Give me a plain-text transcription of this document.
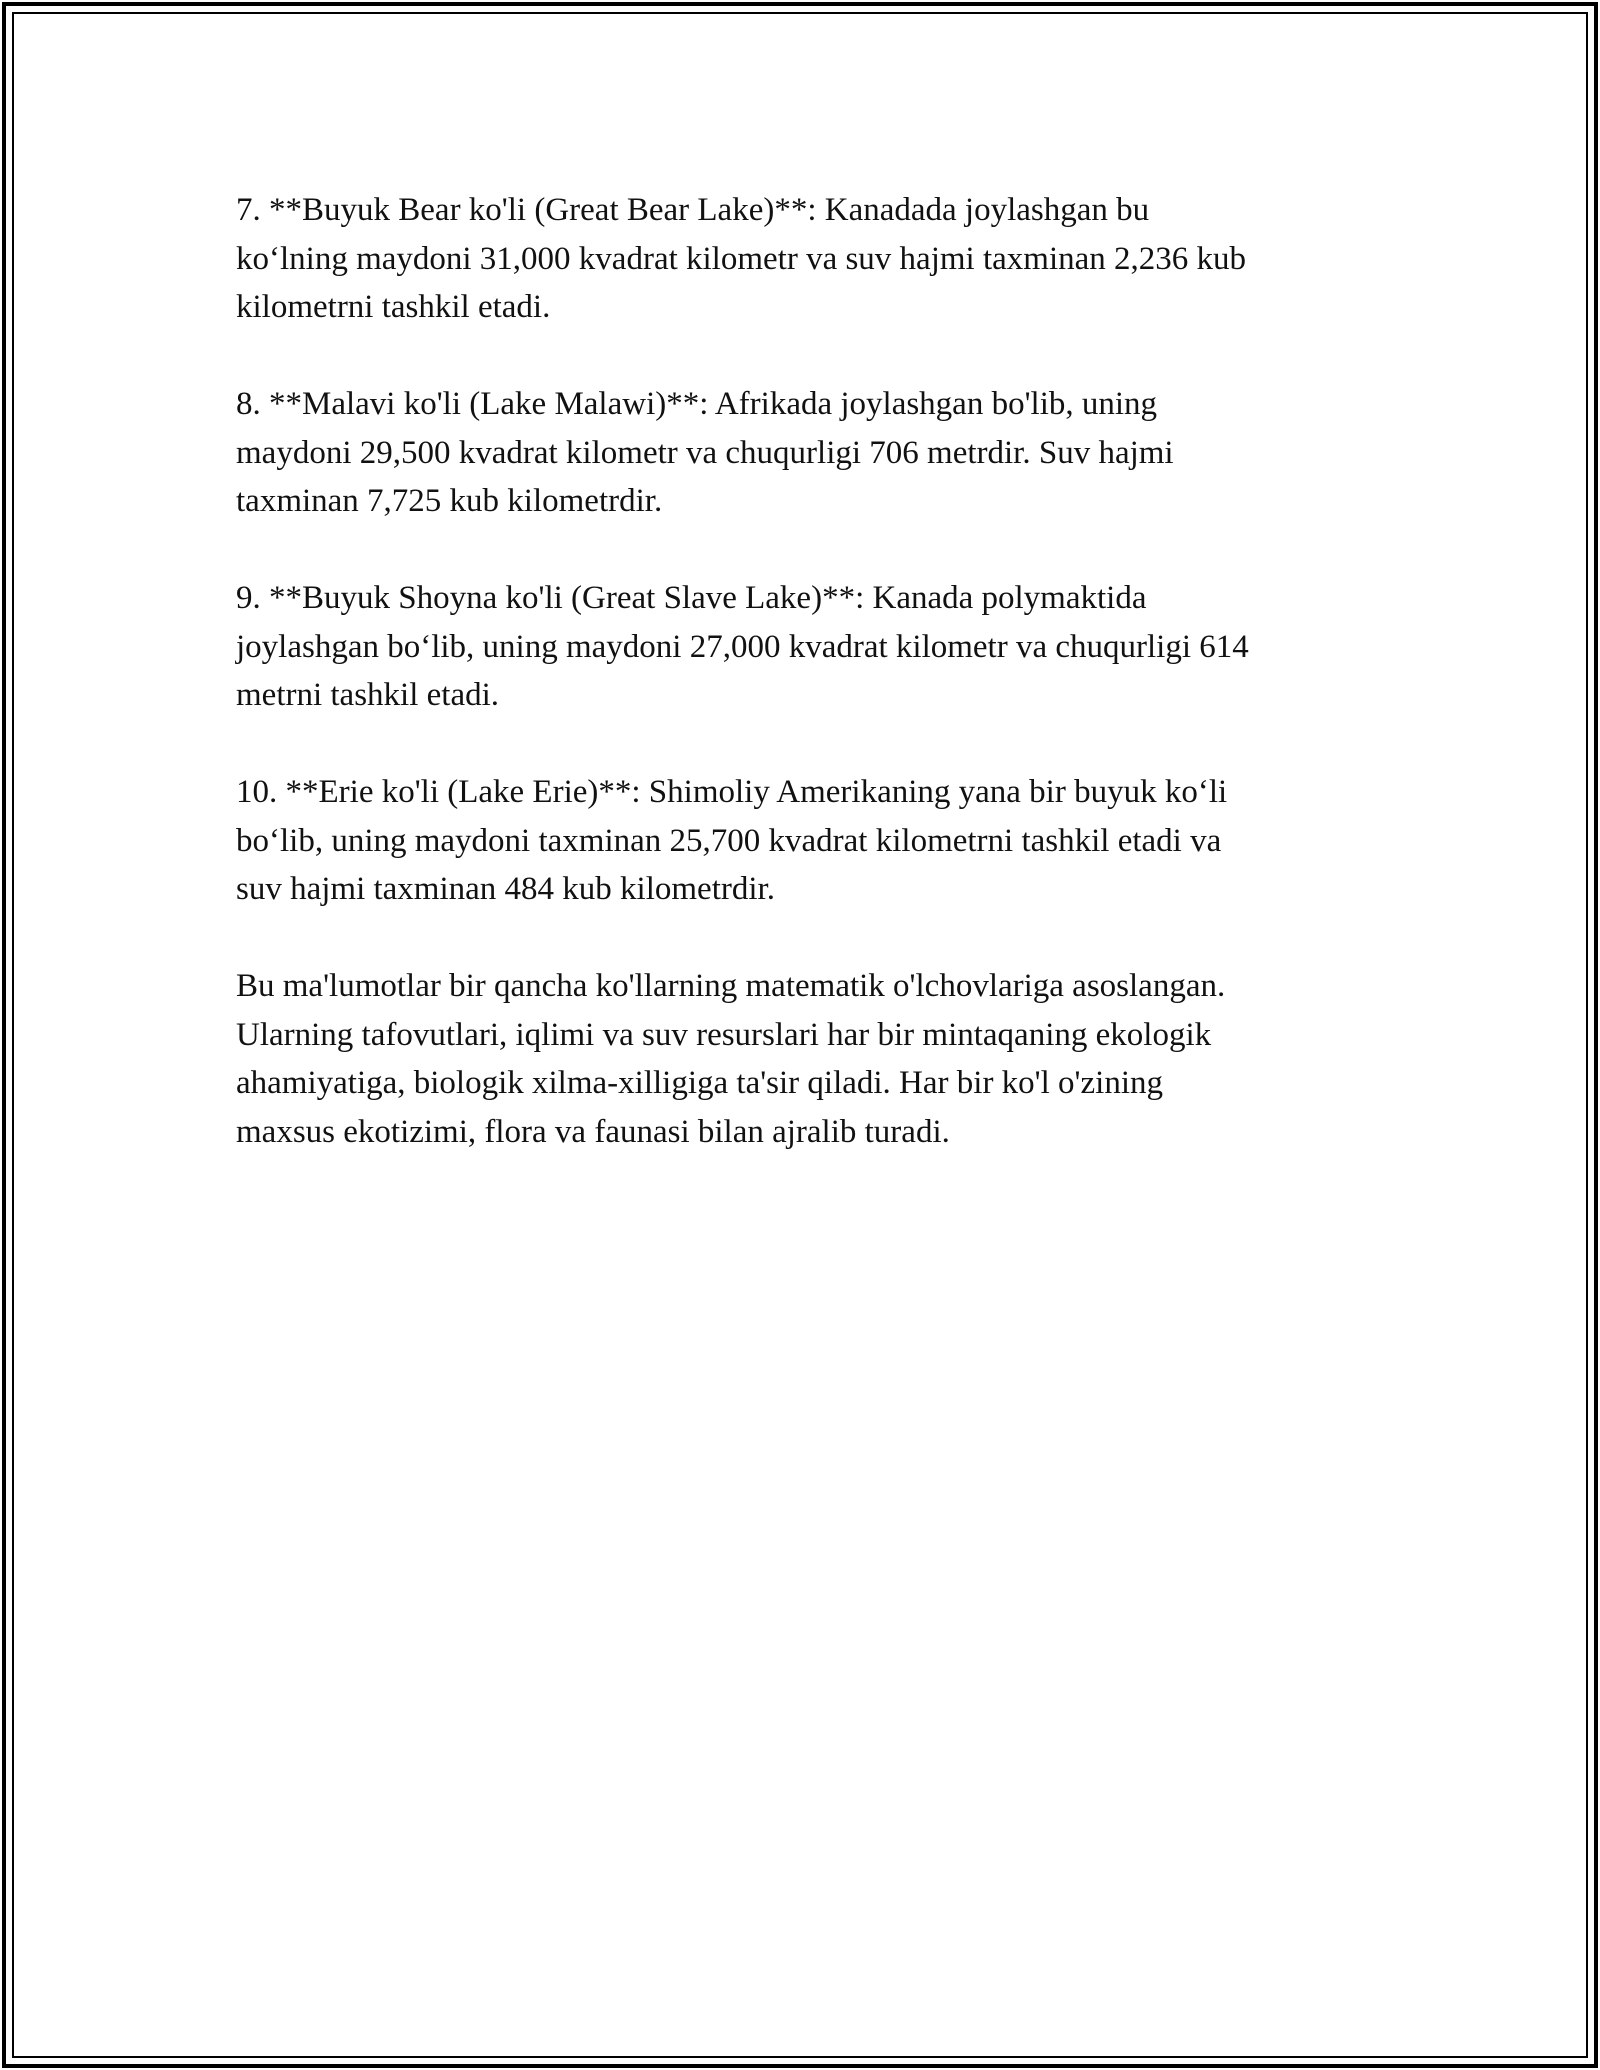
7. **Buyuk Bear ko'li (Great Bear Lake)**: Kanadada joylashgan bu
ko‘lning maydoni 31,000 kvadrat kilometr va suv hajmi taxminan 2,236 kub
kilometrni tashkil etadi.

8. **Malavi ko'li (Lake Malawi)**: Afrikada joylashgan bo'lib, uning
maydoni 29,500 kvadrat kilometr va chuqurligi 706 metrdir. Suv hajmi
taxminan 7,725 kub kilometrdir.

9. **Buyuk Shoyna ko'li (Great Slave Lake)**: Kanada polymaktida
joylashgan bo‘lib, uning maydoni 27,000 kvadrat kilometr va chuqurligi 614
metrni tashkil etadi.

10. **Erie ko'li (Lake Erie)**: Shimoliy Amerikaning yana bir buyuk ko‘li
bo‘lib, uning maydoni taxminan 25,700 kvadrat kilometrni tashkil etadi va
suv hajmi taxminan 484 kub kilometrdir.

Bu ma'lumotlar bir qancha ko'llarning matematik o'lchovlariga asoslangan.
Ularning tafovutlari, iqlimi va suv resurslari har bir mintaqaning ekologik
ahamiyatiga, biologik xilma-xilligiga ta'sir qiladi. Har bir ko'l o'zining
maxsus ekotizimi, flora va faunasi bilan ajralib turadi.
